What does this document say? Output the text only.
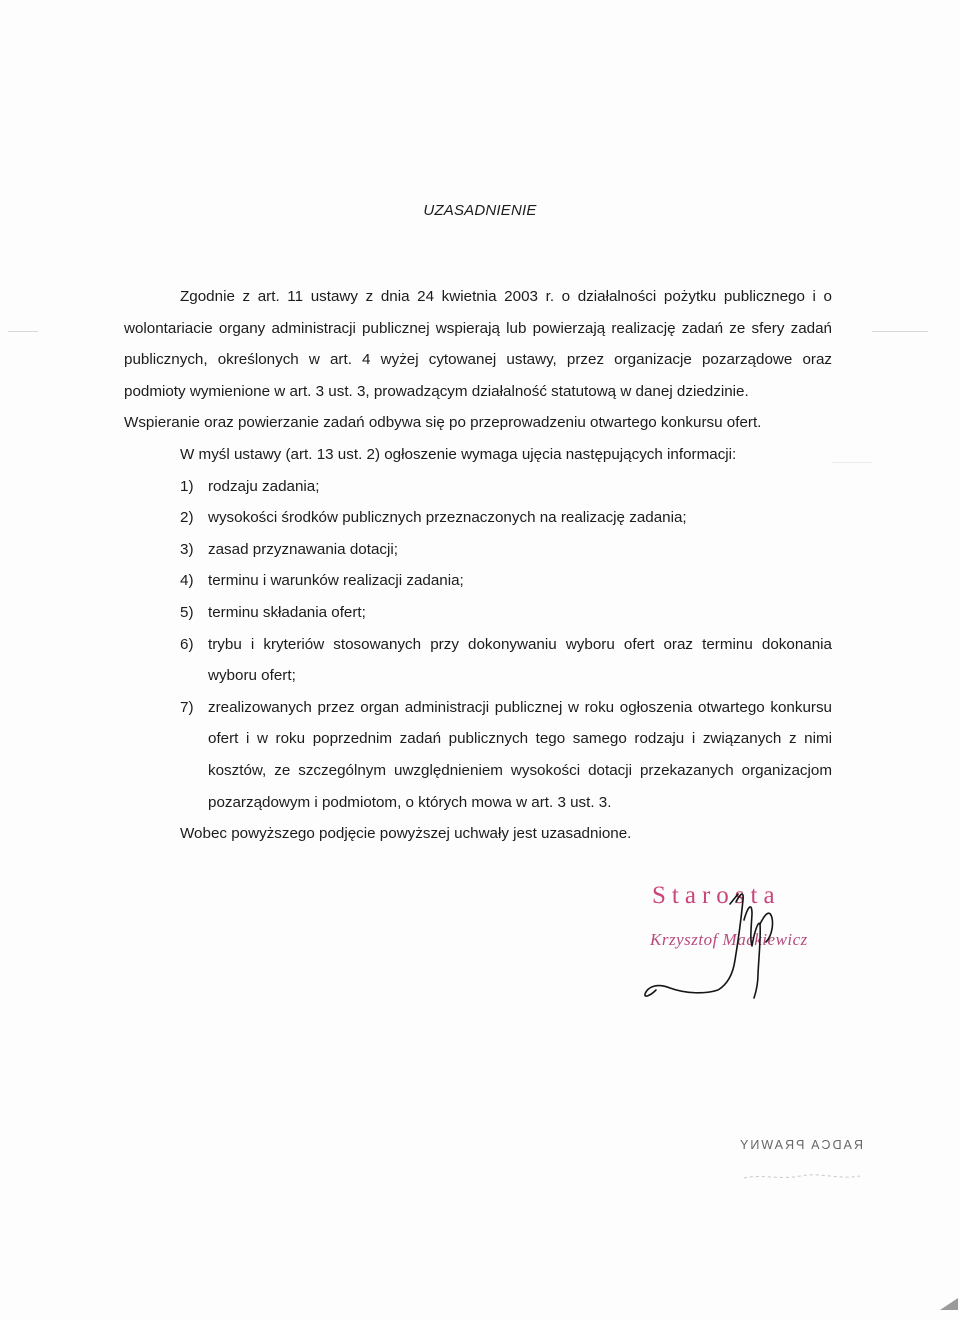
UZASADNIENIE

Zgodnie z art. 11 ustawy z dnia 24 kwietnia 2003 r. o działalności pożytku publicznego i o wolontariacie organy administracji publicznej wspierają lub powierzają realizację zadań ze sfery zadań publicznych, określonych w art. 4 wyżej cytowanej ustawy, przez organizacje pozarządowe oraz podmioty wymienione w art. 3 ust. 3, prowadzącym działalność statutową w danej dziedzinie.

Wspieranie oraz powierzanie zadań odbywa się po przeprowadzeniu otwartego konkursu ofert.

W myśl ustawy (art. 13 ust. 2) ogłoszenie wymaga ujęcia następujących informacji:

1) rodzaju zadania;
2) wysokości środków publicznych przeznaczonych na realizację zadania;
3) zasad przyznawania dotacji;
4) terminu i warunków realizacji zadania;
5) terminu składania ofert;
6) trybu i kryteriów stosowanych przy dokonywaniu wyboru ofert oraz terminu dokonania wyboru ofert;
7) zrealizowanych przez organ administracji publicznej w roku ogłoszenia otwartego konkursu ofert i w roku poprzednim zadań publicznych tego samego rodzaju i związanych z nimi kosztów, ze szczególnym uwzględnieniem wysokości dotacji przekazanych organizacjom pozarządowym i podmiotom, o których mowa w art. 3 ust. 3.

Wobec powyższego podjęcie powyższej uchwały jest uzasadnione.

Starosta
Krzysztof Mackiewicz
RADCA PRAWNY
